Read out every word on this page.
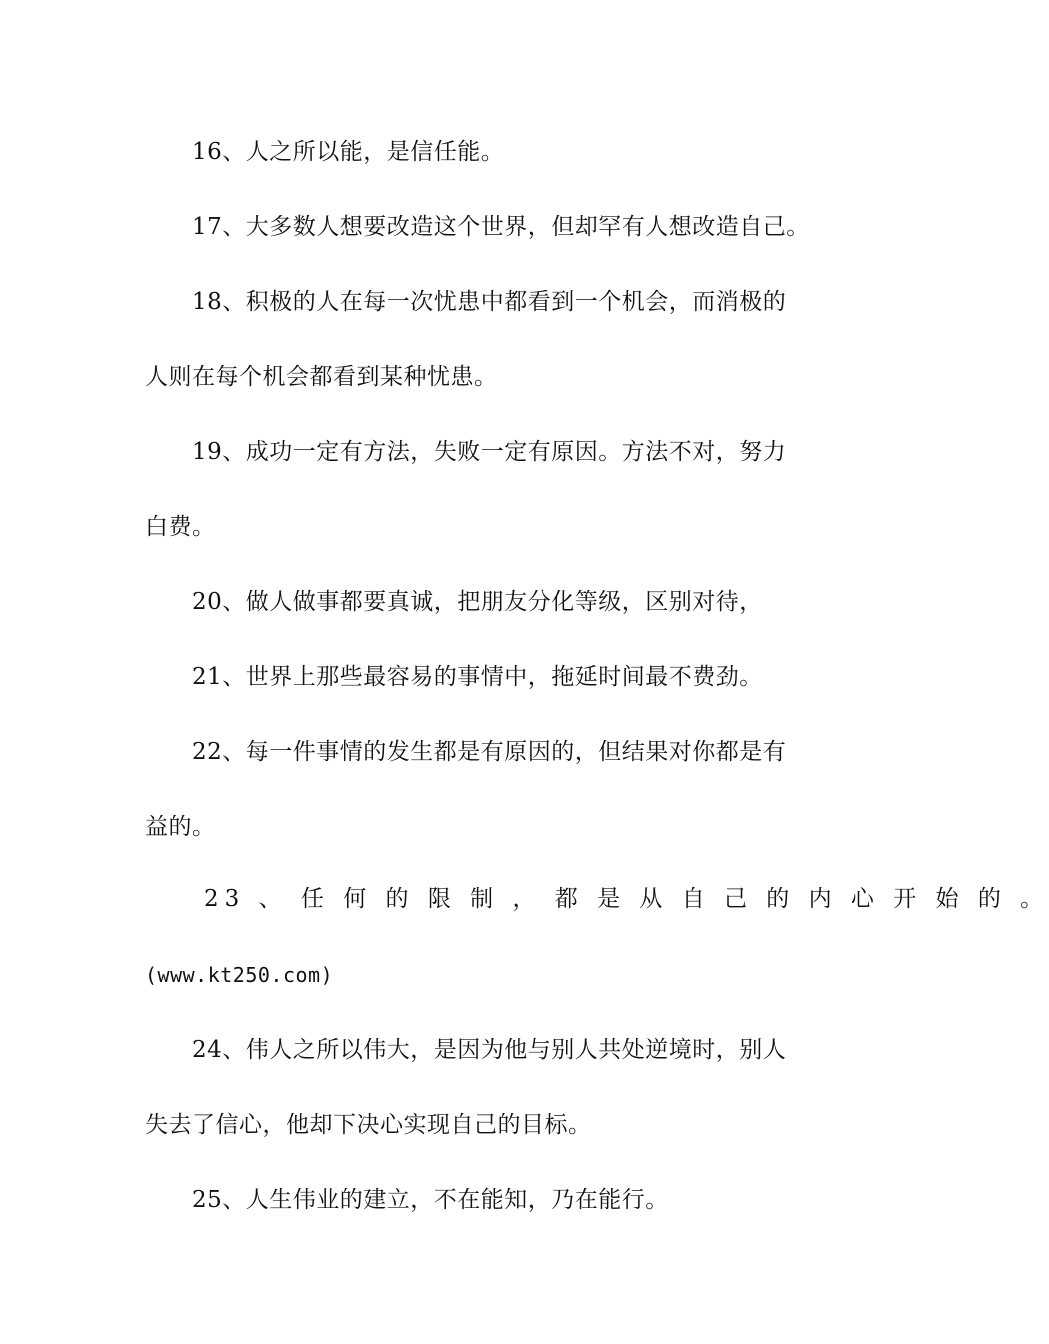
16、人之所以能，是信任能。
17、大多数人想要改造这个世界，但却罕有人想改造自己。
18、积极的人在每一次忧患中都看到一个机会，而消极的
人则在每个机会都看到某种忧患。
19、成功一定有方法，失败一定有原因。方法不对，努力
白费。
20、做人做事都要真诚，把朋友分化等级，区别对待，
21、世界上那些最容易的事情中，拖延时间最不费劲。
22、每一件事情的发生都是有原因的，但结果对你都是有
益的。
23 、 任 何 的 限 制 ， 都 是 从 自 己 的 内 心 开 始 的 。
(www.kt250.com)
24、伟人之所以伟大，是因为他与别人共处逆境时，别人
失去了信心，他却下决心实现自己的目标。
25、人生伟业的建立，不在能知，乃在能行。
